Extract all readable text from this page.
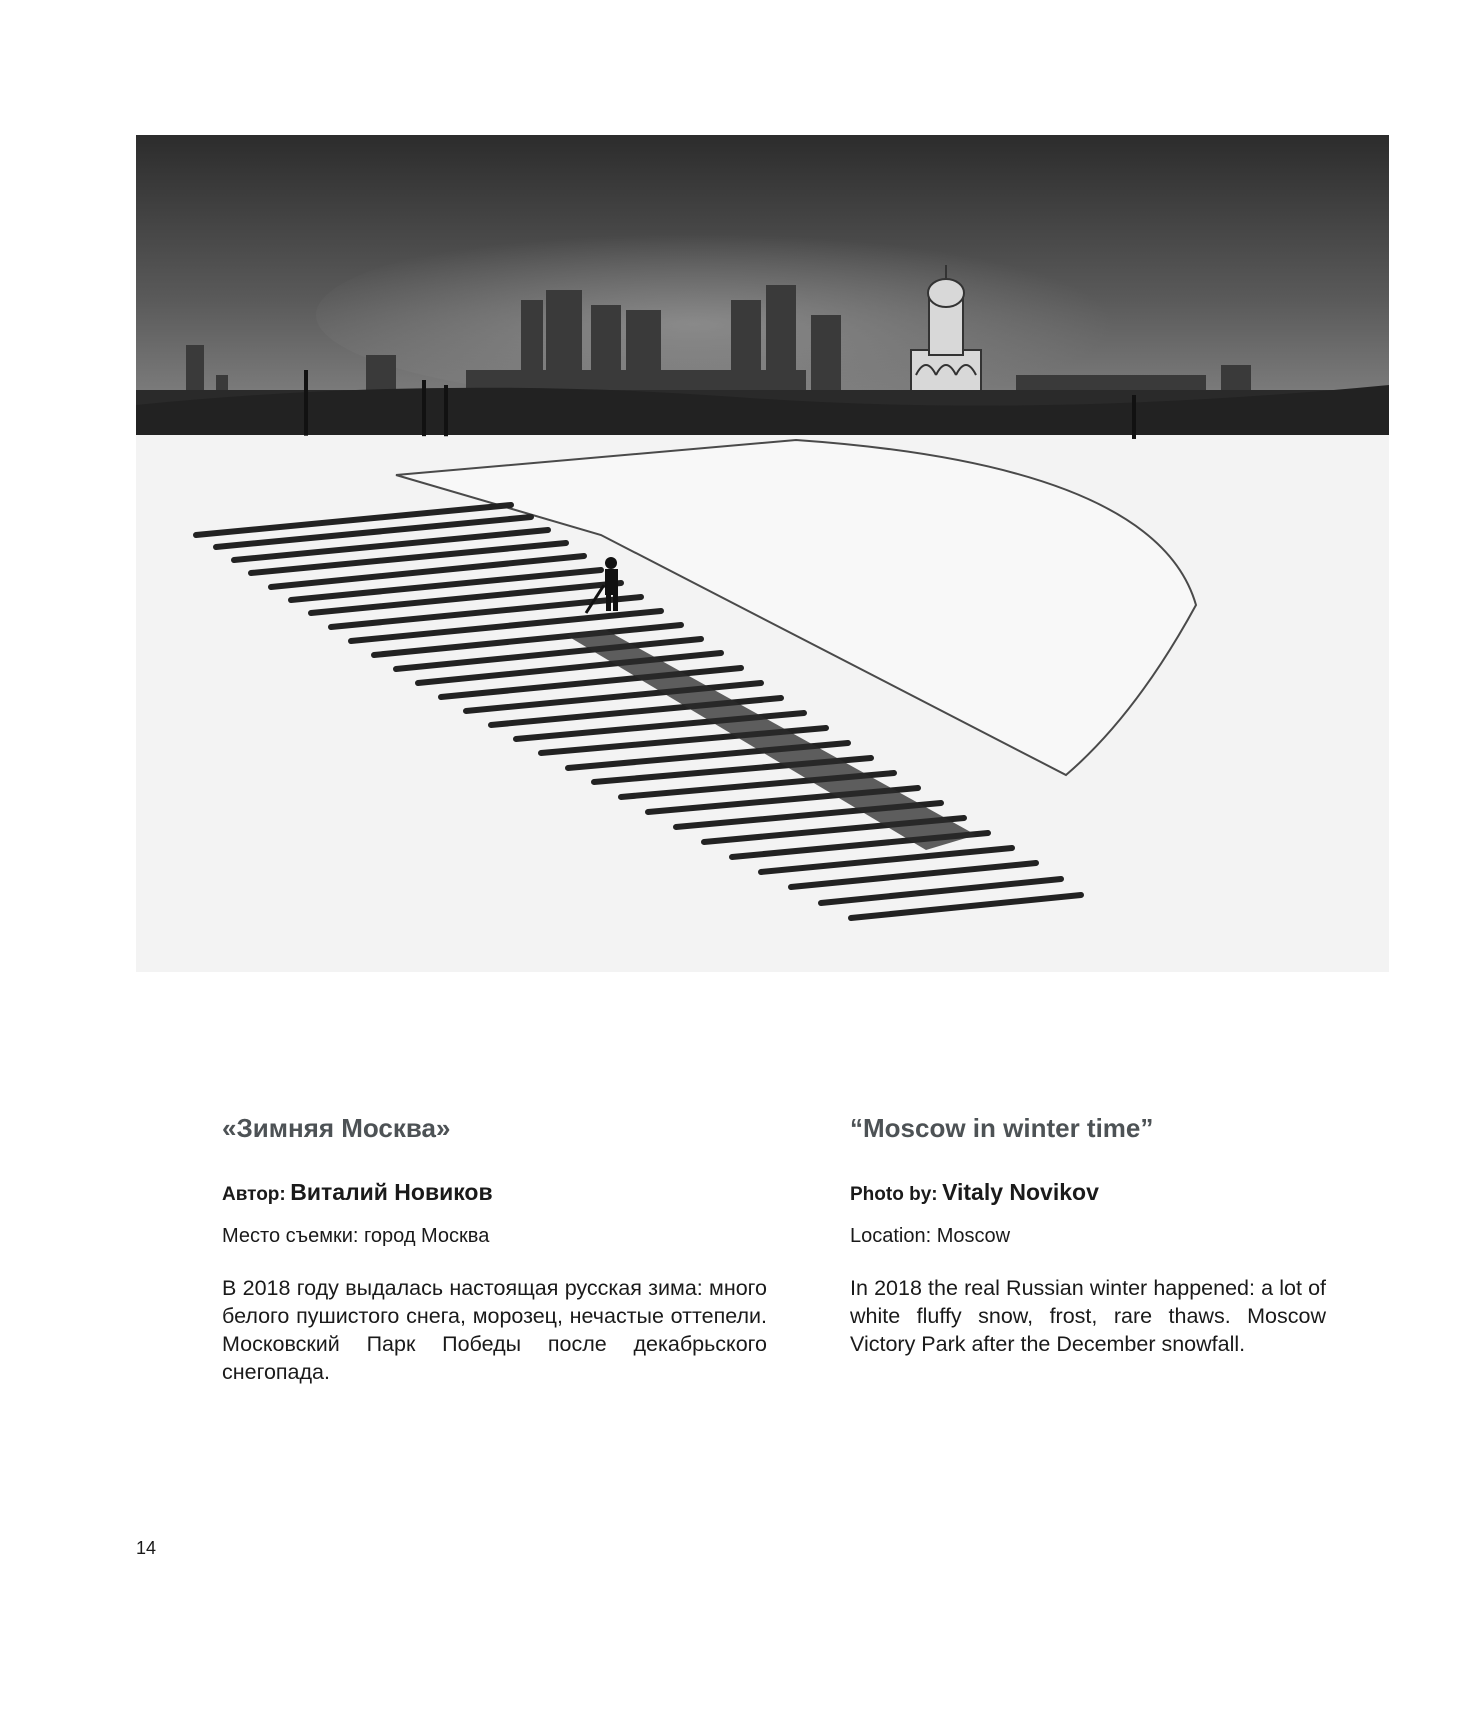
«Зимняя Москва»

Автор: Виталий Новиков

Место съемки: город Москва

В 2018 году выдалась настоящая русская зима: много белого пушистого снега, морозец, нечастые оттепели. Московский Парк Победы после декабрьского снегопада.

“Moscow in winter time”

Photo by: Vitaly Novikov

Location: Moscow

In 2018 the real Russian winter happened: a lot of white fluffy snow, frost, rare thaws. Moscow Victory Park after the December snowfall.

14
